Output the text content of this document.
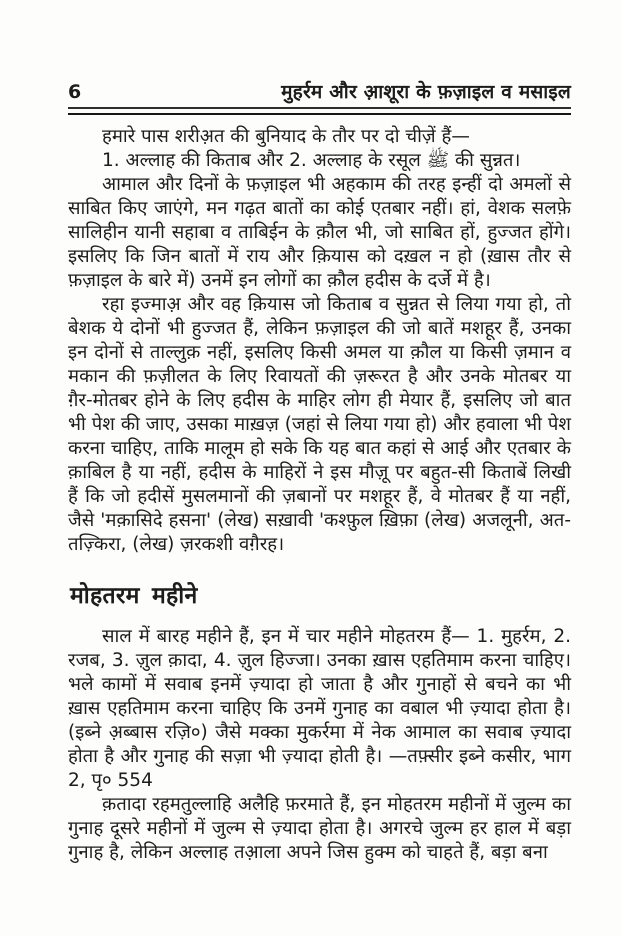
6	मुहर्रम और आ़शूरा के फ़ज़ाइल व मसाइल

हमारे पास शरीअ़त की बुनियाद के तौर पर दो चीज़ें हैं—

1. अल्लाह की किताब और 2. अल्लाह के रसूल ﷺ की सुन्नत।

आमाल और दिनों के फ़ज़ाइल भी अहकाम की तरह इन्हीं दो अमलों से साबित किए जाएंगे, मन गढ़त बातों का कोई एतबार नहीं। हां, वेशक सलफ़े सालिहीन यानी सहाबा व ताबिईन के क़ौल भी, जो साबित हों, हुज्जत होंगे। इसलिए कि जिन बातों में राय और क़ियास को दख़ल न हो (ख़ास तौर से फ़ज़ाइल के बारे में) उनमें इन लोगों का क़ौल हदीस के दर्जे में है।

रहा इज्माअ़ और वह क़ियास जो किताब व सुन्नत से लिया गया हो, तो बेशक ये दोनों भी हुज्जत हैं, लेकिन फ़ज़ाइल की जो बातें मशहूर हैं, उनका इन दोनों से ताल्लुक़ नहीं, इसलिए किसी अमल या क़ौल या किसी ज़मान व मकान की फ़ज़ीलत के लिए रिवायतों की ज़रूरत है और उनके मोतबर या ग़ैर-मोतबर होने के लिए हदीस के माहिर लोग ही मेयार हैं, इसलिए जो बात भी पेश की जाए, उसका माख़ज़ (जहां से लिया गया हो) और हवाला भी पेश करना चाहिए, ताकि मालूम हो सके कि यह बात कहां से आई और एतबार के क़ाबिल है या नहीं, हदीस के माहिरों ने इस मौज़ू पर बहुत-सी किताबें लिखी हैं कि जो हदीसें मुसलमानों की ज़बानों पर मशहूर हैं, वे मोतबर हैं या नहीं, जैसे 'मक़ासिदे हसना' (लेख) सख़ावी 'कश्फ़ुल ख़िफ़ा (लेख) अजलूनी, अत-तज़्किरा, (लेख) ज़रकशी वग़ैरह।

मोहतरम महीने

साल में बारह महीने हैं, इन में चार महीने मोहतरम हैं— 1. मुहर्रम, 2. रजब, 3. ज़ुल क़ादा, 4. ज़ुल हिज्जा। उनका ख़ास एहतिमाम करना चाहिए। भले कामों में सवाब इनमें ज़्यादा हो जाता है और गुनाहों से बचने का भी ख़ास एहतिमाम करना चाहिए कि उनमें गुनाह का वबाल भी ज़्यादा होता है। (इब्ने अ़ब्बास रज़ि०) जैसे मक्का मुकर्रमा में नेक आमाल का सवाब ज़्यादा होता है और गुनाह की सज़ा भी ज़्यादा होती है। —तफ़्सीर इब्ने कसीर, भाग 2, पृ० 554

क़तादा रहमतुल्लाहि अलैहि फ़रमाते हैं, इन मोहतरम महीनों में जुल्म का गुनाह दूसरे महीनों में जुल्म से ज़्यादा होता है। अगरचे जुल्म हर हाल में बड़ा गुनाह है, लेकिन अल्लाह तआ़ला अपने जिस हुक्म को चाहते हैं, बड़ा बना
